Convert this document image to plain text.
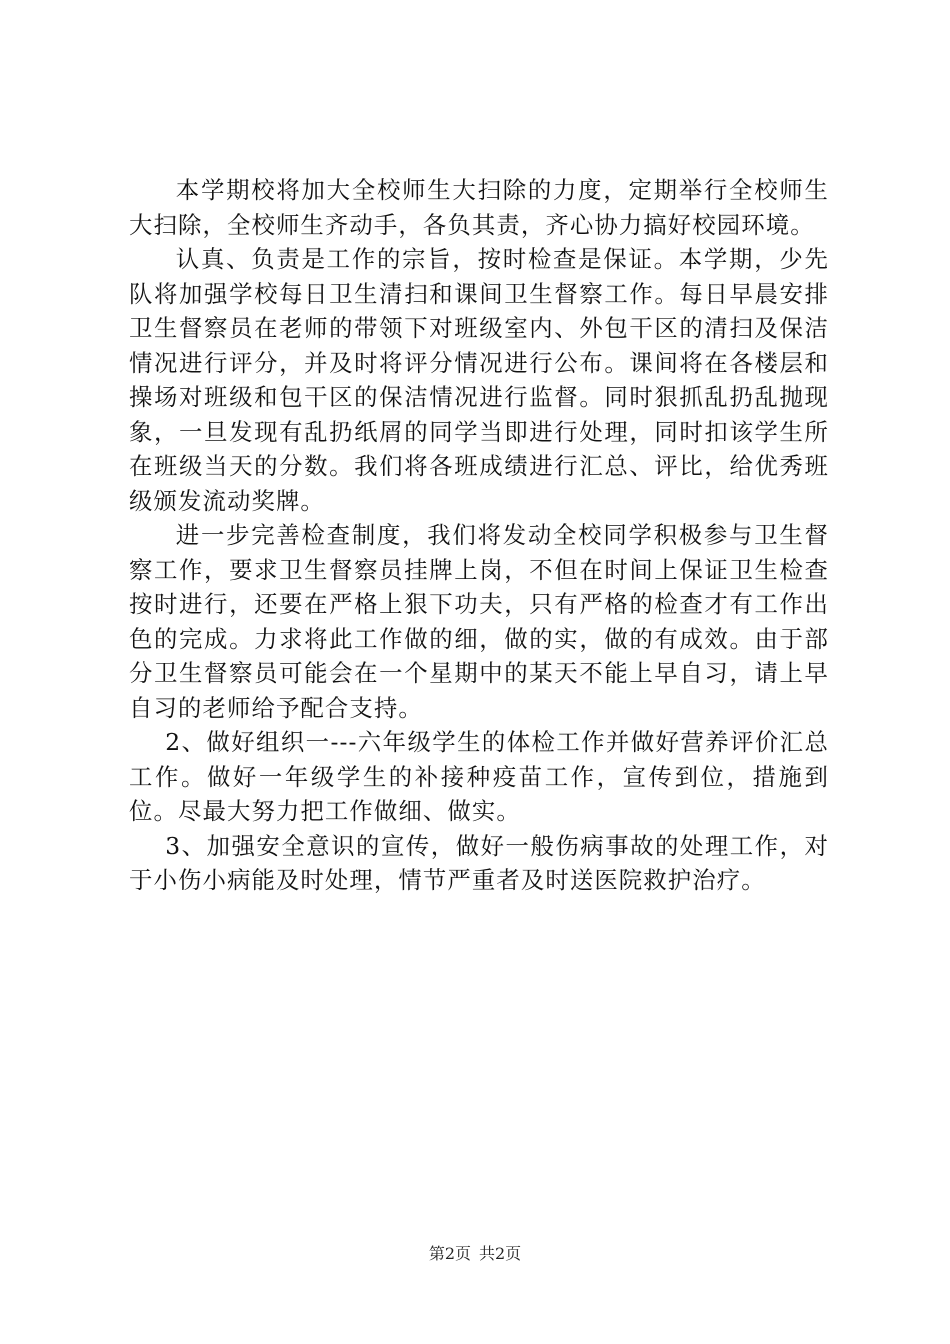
本学期校将加大全校师生大扫除的力度，定期举行全校师生大扫除，全校师生齐动手，各负其责，齐心协力搞好校园环境。

认真、负责是工作的宗旨，按时检查是保证。本学期，少先队将加强学校每日卫生清扫和课间卫生督察工作。每日早晨安排卫生督察员在老师的带领下对班级室内、外包干区的清扫及保洁情况进行评分，并及时将评分情况进行公布。课间将在各楼层和操场对班级和包干区的保洁情况进行监督。同时狠抓乱扔乱抛现象，一旦发现有乱扔纸屑的同学当即进行处理，同时扣该学生所在班级当天的分数。我们将各班成绩进行汇总、评比，给优秀班级颁发流动奖牌。

进一步完善检查制度，我们将发动全校同学积极参与卫生督察工作，要求卫生督察员挂牌上岗，不但在时间上保证卫生检查按时进行，还要在严格上狠下功夫，只有严格的检查才有工作出色的完成。力求将此工作做的细，做的实，做的有成效。由于部分卫生督察员可能会在一个星期中的某天不能上早自习，请上早自习的老师给予配合支持。

2、做好组织一---六年级学生的体检工作并做好营养评价汇总工作。做好一年级学生的补接种疫苗工作，宣传到位，措施到位。尽最大努力把工作做细、做实。

3、加强安全意识的宣传，做好一般伤病事故的处理工作，对于小伤小病能及时处理，情节严重者及时送医院救护治疗。

第2页 共2页
